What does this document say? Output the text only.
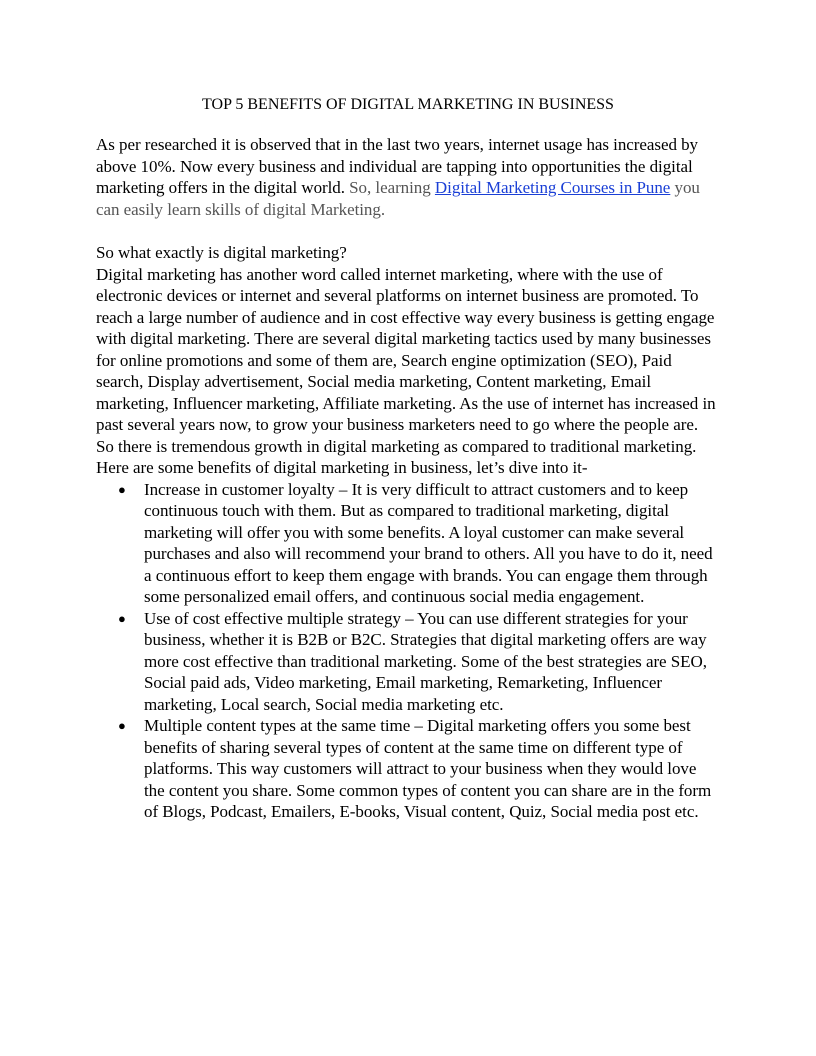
TOP 5 BENEFITS OF DIGITAL MARKETING IN BUSINESS

As per researched it is observed that in the last two years, internet usage has increased by above 10%. Now every business and individual are tapping into opportunities the digital marketing offers in the digital world. So, learning Digital Marketing Courses in Pune you can easily learn skills of digital Marketing.

So what exactly is digital marketing?

Digital marketing has another word called internet marketing, where with the use of electronic devices or internet and several platforms on internet business are promoted. To reach a large number of audience and in cost effective way every business is getting engage with digital marketing. There are several digital marketing tactics used by many businesses for online promotions and some of them are, Search engine optimization (SEO), Paid search, Display advertisement, Social media marketing, Content marketing, Email marketing, Influencer marketing, Affiliate marketing. As the use of internet has increased in past several years now, to grow your business marketers need to go where the people are. So there is tremendous growth in digital marketing as compared to traditional marketing.

Here are some benefits of digital marketing in business, let’s dive into it-

● Increase in customer loyalty – It is very difficult to attract customers and to keep continuous touch with them. But as compared to traditional marketing, digital marketing will offer you with some benefits. A loyal customer can make several purchases and also will recommend your brand to others. All you have to do it, need a continuous effort to keep them engage with brands. You can engage them through some personalized email offers, and continuous social media engagement.
● Use of cost effective multiple strategy – You can use different strategies for your business, whether it is B2B or B2C. Strategies that digital marketing offers are way more cost effective than traditional marketing. Some of the best strategies are SEO, Social paid ads, Video marketing, Email marketing, Remarketing, Influencer marketing, Local search, Social media marketing etc.
● Multiple content types at the same time – Digital marketing offers you some best benefits of sharing several types of content at the same time on different type of platforms. This way customers will attract to your business when they would love the content you share. Some common types of content you can share are in the form of Blogs, Podcast, Emailers, E-books, Visual content, Quiz, Social media post etc.
